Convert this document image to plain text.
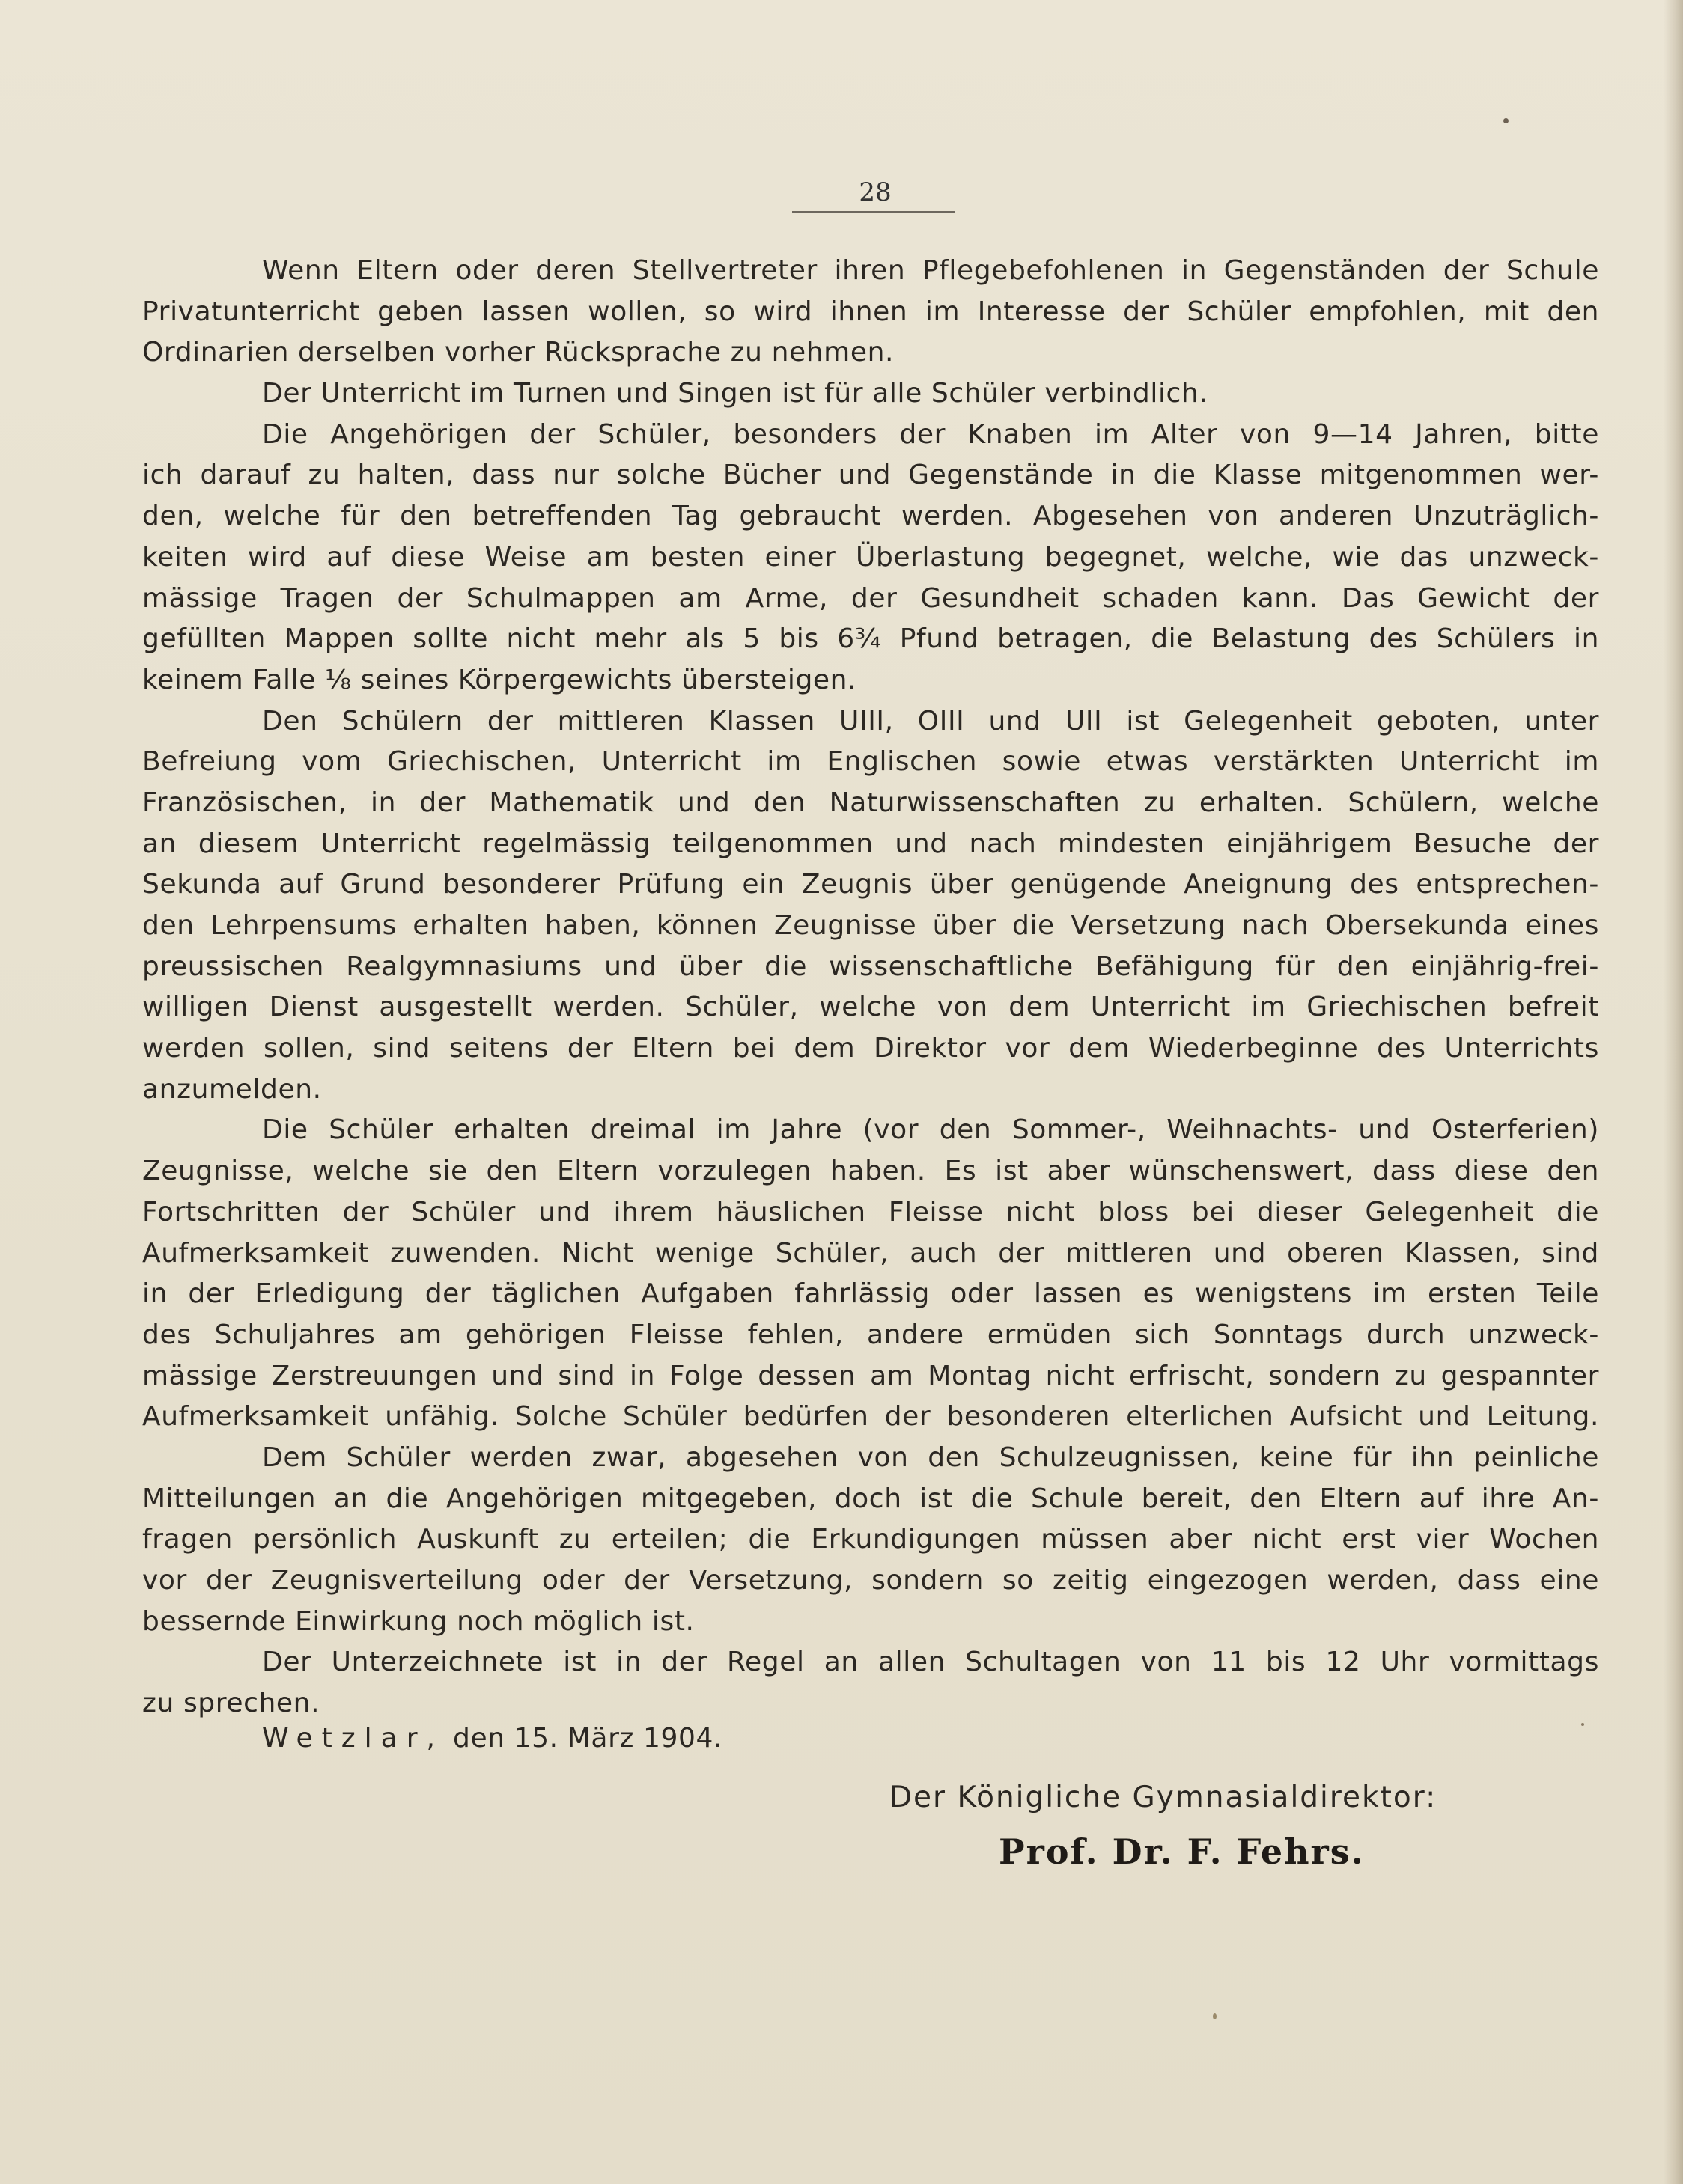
28
Wenn Eltern oder deren Stellvertreter ihren Pflegebefohlenen in Gegenständen der Schule
Privatunterricht geben lassen wollen, so wird ihnen im Interesse der Schüler empfohlen, mit den
Ordinarien derselben vorher Rücksprache zu nehmen.
Der Unterricht im Turnen und Singen ist für alle Schüler verbindlich.
Die Angehörigen der Schüler, besonders der Knaben im Alter von 9—14 Jahren, bitte
ich darauf zu halten, dass nur solche Bücher und Gegenstände in die Klasse mitgenommen wer-
den, welche für den betreffenden Tag gebraucht werden. Abgesehen von anderen Unzuträglich-
keiten wird auf diese Weise am besten einer Überlastung begegnet, welche, wie das unzweck-
mässige Tragen der Schulmappen am Arme, der Gesundheit schaden kann. Das Gewicht der
gefüllten Mappen sollte nicht mehr als 5 bis 6¾ Pfund betragen, die Belastung des Schülers in
keinem Falle ⅛ seines Körpergewichts übersteigen.
Den Schülern der mittleren Klassen UIII, OIII und UII ist Gelegenheit geboten, unter
Befreiung vom Griechischen, Unterricht im Englischen sowie etwas verstärkten Unterricht im
Französischen, in der Mathematik und den Naturwissenschaften zu erhalten. Schülern, welche
an diesem Unterricht regelmässig teilgenommen und nach mindesten einjährigem Besuche der
Sekunda auf Grund besonderer Prüfung ein Zeugnis über genügende Aneignung des entsprechen-
den Lehrpensums erhalten haben, können Zeugnisse über die Versetzung nach Obersekunda eines
preussischen Realgymnasiums und über die wissenschaftliche Befähigung für den einjährig-frei-
willigen Dienst ausgestellt werden. Schüler, welche von dem Unterricht im Griechischen befreit
werden sollen, sind seitens der Eltern bei dem Direktor vor dem Wiederbeginne des Unterrichts
anzumelden.
Die Schüler erhalten dreimal im Jahre (vor den Sommer-, Weihnachts- und Osterferien)
Zeugnisse, welche sie den Eltern vorzulegen haben. Es ist aber wünschenswert, dass diese den
Fortschritten der Schüler und ihrem häuslichen Fleisse nicht bloss bei dieser Gelegenheit die
Aufmerksamkeit zuwenden. Nicht wenige Schüler, auch der mittleren und oberen Klassen, sind
in der Erledigung der täglichen Aufgaben fahrlässig oder lassen es wenigstens im ersten Teile
des Schuljahres am gehörigen Fleisse fehlen, andere ermüden sich Sonntags durch unzweck-
mässige Zerstreuungen und sind in Folge dessen am Montag nicht erfrischt, sondern zu gespannter
Aufmerksamkeit unfähig. Solche Schüler bedürfen der besonderen elterlichen Aufsicht und Leitung.
Dem Schüler werden zwar, abgesehen von den Schulzeugnissen, keine für ihn peinliche
Mitteilungen an die Angehörigen mitgegeben, doch ist die Schule bereit, den Eltern auf ihre An-
fragen persönlich Auskunft zu erteilen; die Erkundigungen müssen aber nicht erst vier Wochen
vor der Zeugnisverteilung oder der Versetzung, sondern so zeitig eingezogen werden, dass eine
bessernde Einwirkung noch möglich ist.
Der Unterzeichnete ist in der Regel an allen Schultagen von 11 bis 12 Uhr vormittags
zu sprechen.
Wetzlar, den 15. März 1904.
Der Königliche Gymnasialdirektor:
Prof. Dr. F. Fehrs.
